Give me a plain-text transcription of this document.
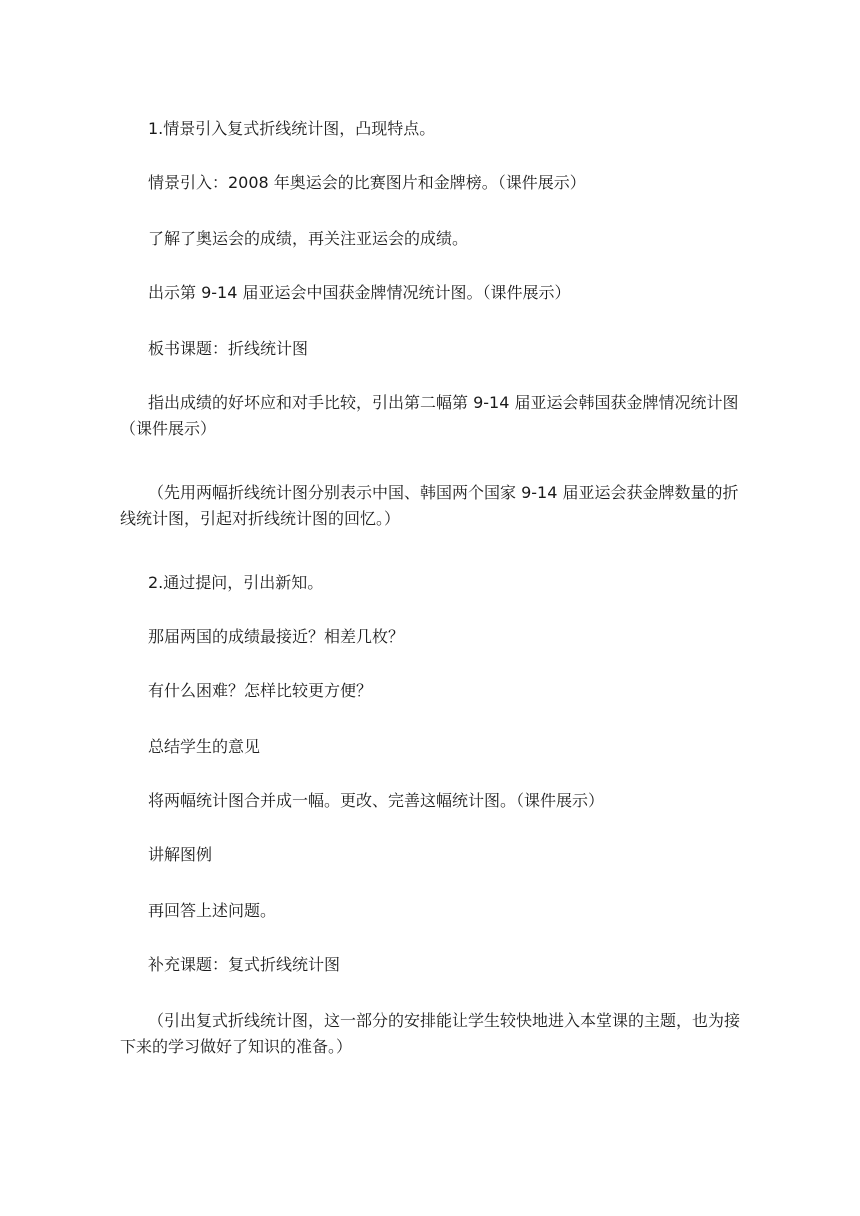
1.情景引入复式折线统计图，凸现特点。
情景引入：2008 年奥运会的比赛图片和金牌榜。（课件展示）
了解了奥运会的成绩，再关注亚运会的成绩。
出示第 9-14 届亚运会中国获金牌情况统计图。（课件展示）
板书课题：折线统计图
指出成绩的好坏应和对手比较，引出第二幅第 9-14 届亚运会韩国获金牌情况统计图 （课件展示）
（先用两幅折线统计图分别表示中国、韩国两个国家 9-14 届亚运会获金牌数量的折线统计图，引起对折线统计图的回忆。）
2.通过提问，引出新知。
那届两国的成绩最接近？相差几枚？
有什么困难？怎样比较更方便？
总结学生的意见
将两幅统计图合并成一幅。更改、完善这幅统计图。（课件展示）
讲解图例
再回答上述问题。
补充课题：复式折线统计图
（引出复式折线统计图，这一部分的安排能让学生较快地进入本堂课的主题，也为接下来的学习做好了知识的准备。）
